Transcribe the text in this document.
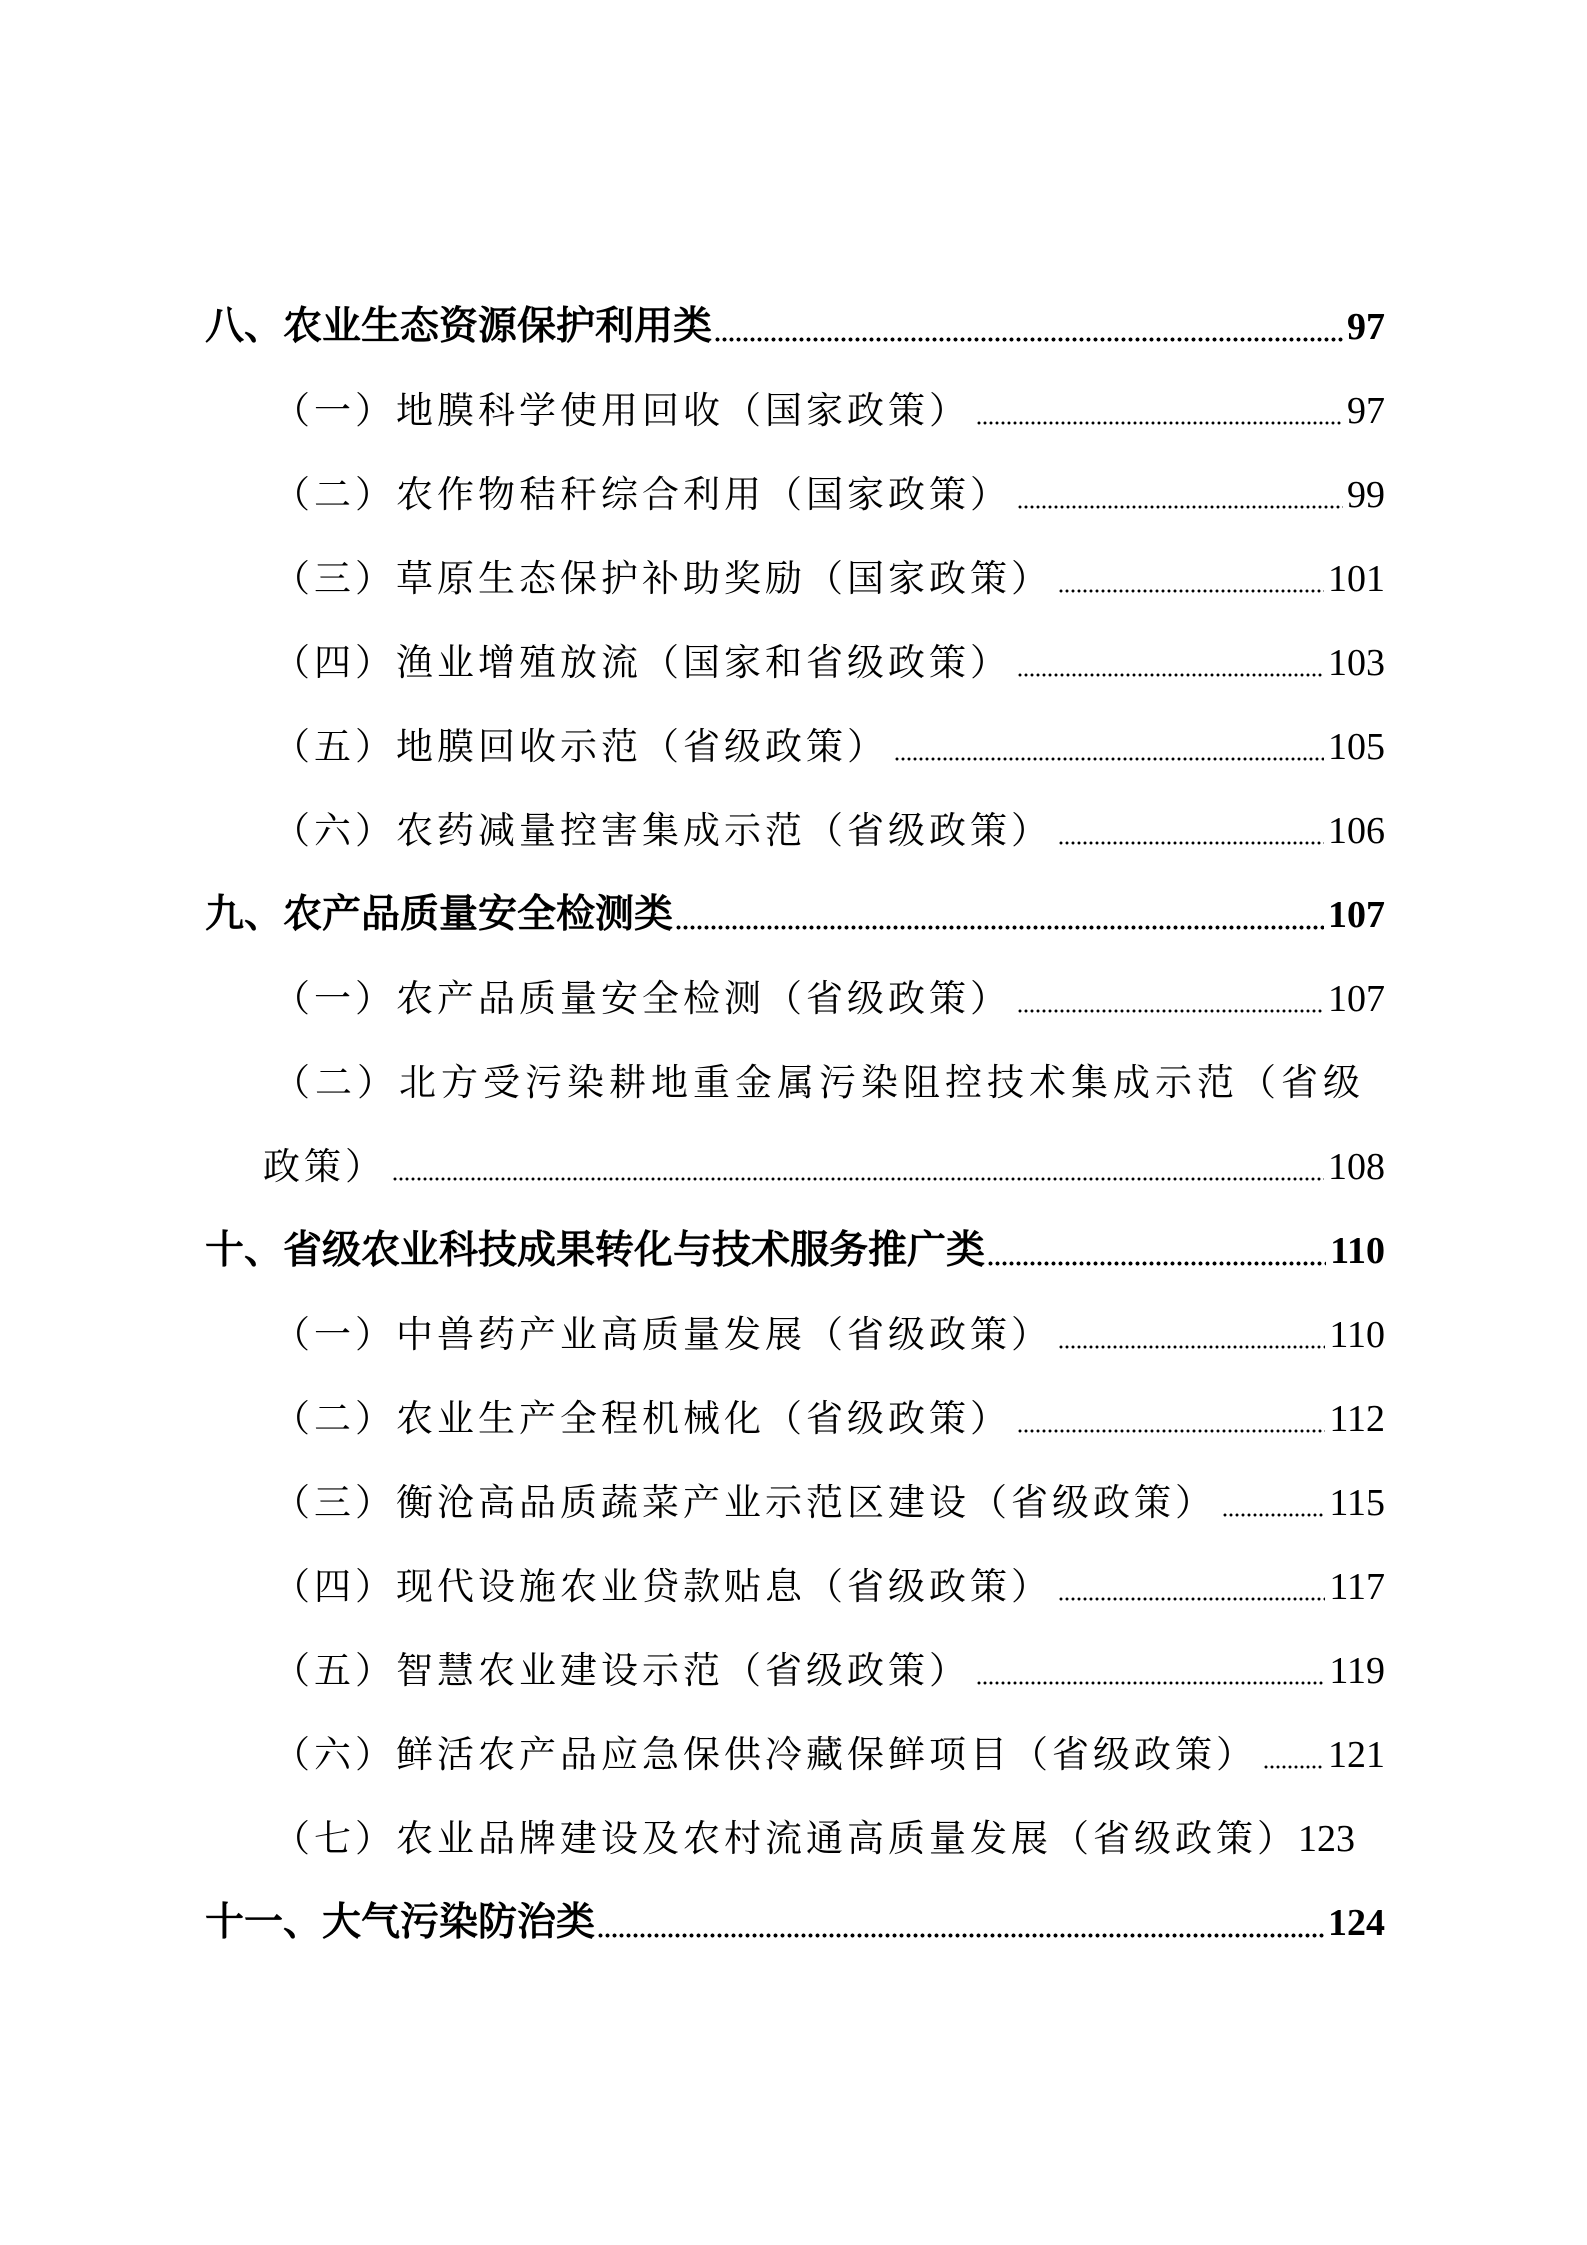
八、农业生态资源保护利用类	97
（一）地膜科学使用回收（国家政策）	97
（二）农作物秸秆综合利用（国家政策）	99
（三）草原生态保护补助奖励（国家政策）	101
（四）渔业增殖放流（国家和省级政策）	103
（五）地膜回收示范（省级政策）	105
（六）农药减量控害集成示范（省级政策）	106
九、农产品质量安全检测类	107
（一）农产品质量安全检测（省级政策）	107
（二）北方受污染耕地重金属污染阻控技术集成示范（省级
政策）	108
十、省级农业科技成果转化与技术服务推广类	110
（一）中兽药产业高质量发展（省级政策）	110
（二）农业生产全程机械化（省级政策）	112
（三）衡沧高品质蔬菜产业示范区建设（省级政策）	115
（四）现代设施农业贷款贴息（省级政策）	117
（五）智慧农业建设示范（省级政策）	119
（六）鲜活农产品应急保供冷藏保鲜项目（省级政策） 121
（七）农业品牌建设及农村流通高质量发展（省级政策） 123
十一、大气污染防治类	124
